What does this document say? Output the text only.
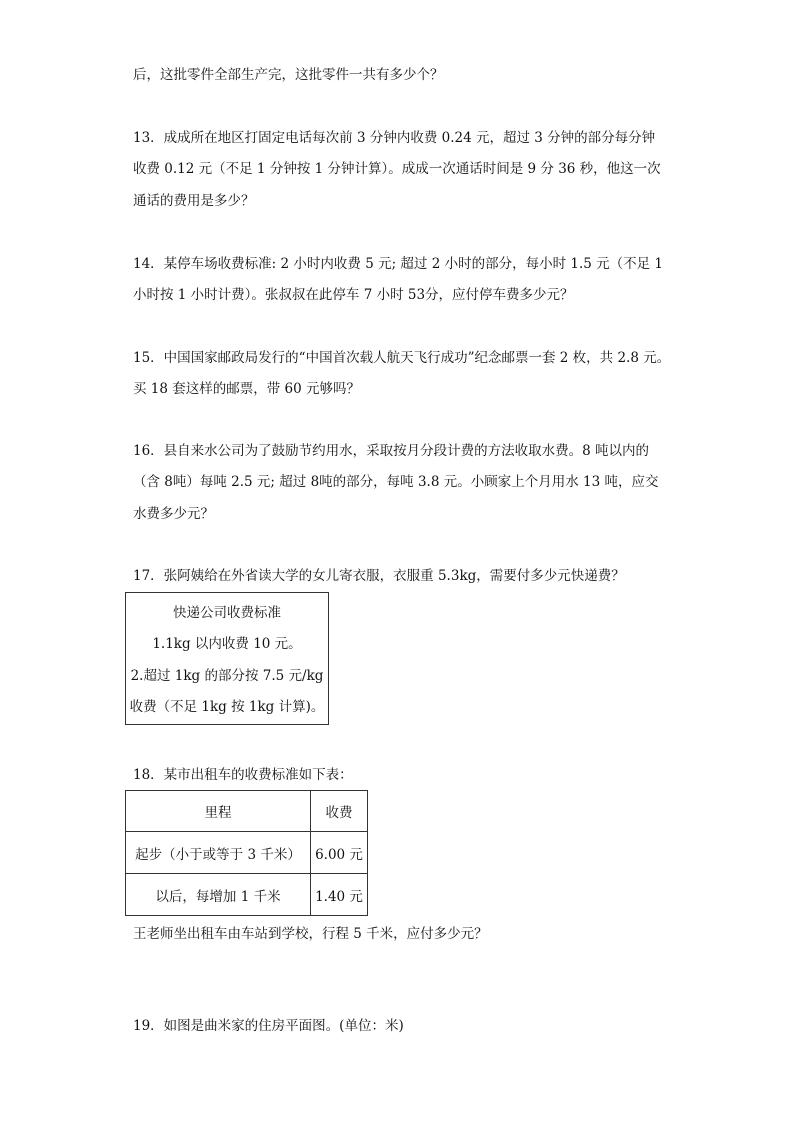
后，这批零件全部生产完，这批零件一共有多少个？
13．成成所在地区打固定电话每次前 3 分钟内收费 0.24 元，超过 3 分钟的部分每分钟
收费 0.12 元（不足 1 分钟按 1 分钟计算）。成成一次通话时间是 9 分 36 秒，他这一次
通话的费用是多少？
14．某停车场收费标准: 2 小时内收费 5 元; 超过 2 小时的部分，每小时 1.5 元（不足 1
小时按 1 小时计费）。张叔叔在此停车 7 小时 53分，应付停车费多少元？
15．中国国家邮政局发行的“中国首次载人航天飞行成功”纪念邮票一套 2 枚，共 2.8 元。
买 18 套这样的邮票，带 60 元够吗？
16．县自来水公司为了鼓励节约用水，采取按月分段计费的方法收取水费。8 吨以内的
（含 8吨）每吨 2.5 元; 超过 8吨的部分，每吨 3.8 元。小顾家上个月用水 13 吨，应交
水费多少元？
17．张阿姨给在外省读大学的女儿寄衣服，衣服重 5.3kg，需要付多少元快递费？
快递公司收费标准
1.1kg 以内收费 10 元。
2.超过 1kg 的部分按 7.5 元/kg
收费（不足 1kg 按 1kg 计算)。
18．某市出租车的收费标准如下表：
里程	收费
起步（小于或等于 3 千米）	6.00 元
以后，每增加 1 千米	1.40 元
王老师坐出租车由车站到学校，行程 5 千米，应付多少元？
19．如图是曲米家的住房平面图。(单位：米)
